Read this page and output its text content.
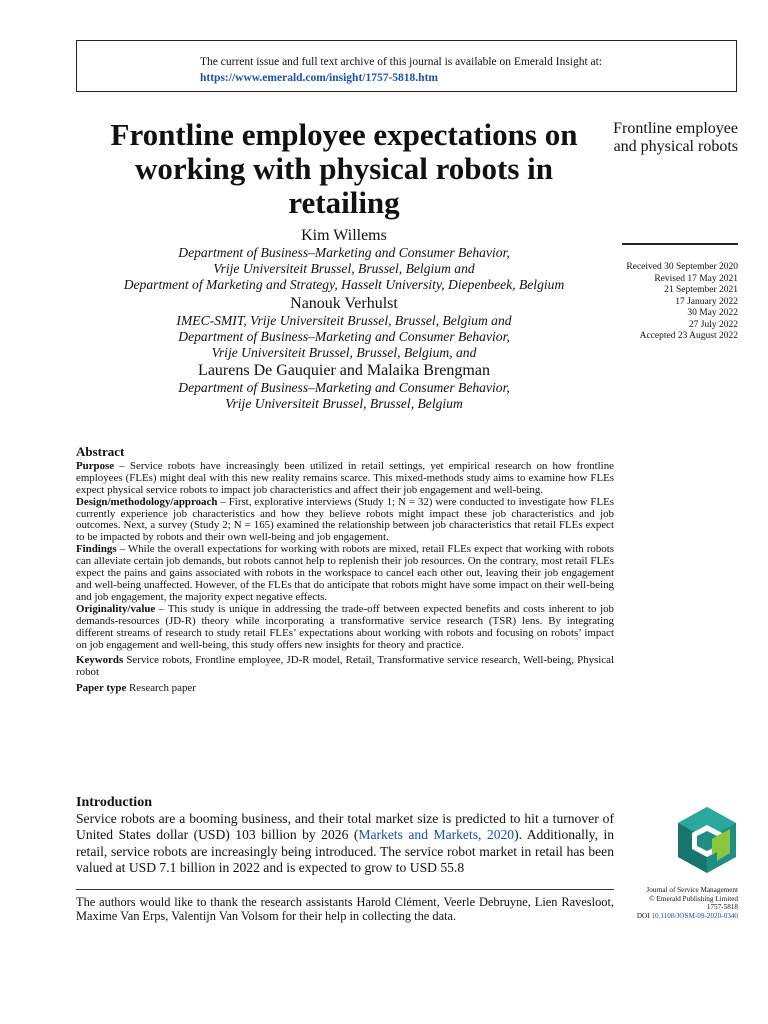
The current issue and full text archive of this journal is available on Emerald Insight at:
https://www.emerald.com/insight/1757-5818.htm
Frontline employee expectations on working with physical robots in retailing
Frontline employee and physical robots
Received 30 September 2020
Revised 17 May 2021
21 September 2021
17 January 2022
30 May 2022
27 July 2022
Accepted 23 August 2022
Kim Willems
Department of Business–Marketing and Consumer Behavior,
Vrije Universiteit Brussel, Brussel, Belgium and
Department of Marketing and Strategy, Hasselt University, Diepenbeek, Belgium
Nanouk Verhulst
IMEC-SMIT, Vrije Universiteit Brussel, Brussel, Belgium and
Department of Business–Marketing and Consumer Behavior,
Vrije Universiteit Brussel, Brussel, Belgium, and
Laurens De Gauquier and Malaika Brengman
Department of Business–Marketing and Consumer Behavior,
Vrije Universiteit Brussel, Brussel, Belgium
Abstract

Purpose – Service robots have increasingly been utilized in retail settings, yet empirical research on how frontline employees (FLEs) might deal with this new reality remains scarce. This mixed-methods study aims to examine how FLEs expect physical service robots to impact job characteristics and affect their job engagement and well-being.

Design/methodology/approach – First, explorative interviews (Study 1; N = 32) were conducted to investigate how FLEs currently experience job characteristics and how they believe robots might impact these job characteristics and job outcomes. Next, a survey (Study 2; N = 165) examined the relationship between job characteristics that retail FLEs expect to be impacted by robots and their own well-being and job engagement.

Findings – While the overall expectations for working with robots are mixed, retail FLEs expect that working with robots can alleviate certain job demands, but robots cannot help to replenish their job resources. On the contrary, most retail FLEs expect the pains and gains associated with robots in the workspace to cancel each other out, leaving their job engagement and well-being unaffected. However, of the FLEs that do anticipate that robots might have some impact on their well-being and job engagement, the majority expect negative effects.

Originality/value – This study is unique in addressing the trade-off between expected benefits and costs inherent to job demands-resources (JD-R) theory while incorporating a transformative service research (TSR) lens. By integrating different streams of research to study retail FLEs’ expectations about working with robots and focusing on robots’ impact on job engagement and well-being, this study offers new insights for theory and practice.

Keywords Service robots, Frontline employee, JD-R model, Retail, Transformative service research, Well-being, Physical robot

Paper type Research paper

Introduction
Service robots are a booming business, and their total market size is predicted to hit a turnover of United States dollar (USD) 103 billion by 2026 (Markets and Markets, 2020). Additionally, in retail, service robots are increasingly being introduced. The service robot market in retail has been valued at USD 7.1 billion in 2022 and is expected to grow to USD 55.8
The authors would like to thank the research assistants Harold Clément, Veerle Debruyne, Lien Ravesloot, Maxime Van Erps, Valentijn Van Volsom for their help in collecting the data.
Journal of Service Management
© Emerald Publishing Limited
1757-5818
DOI 10.1108/JOSM-09-2020-0340
